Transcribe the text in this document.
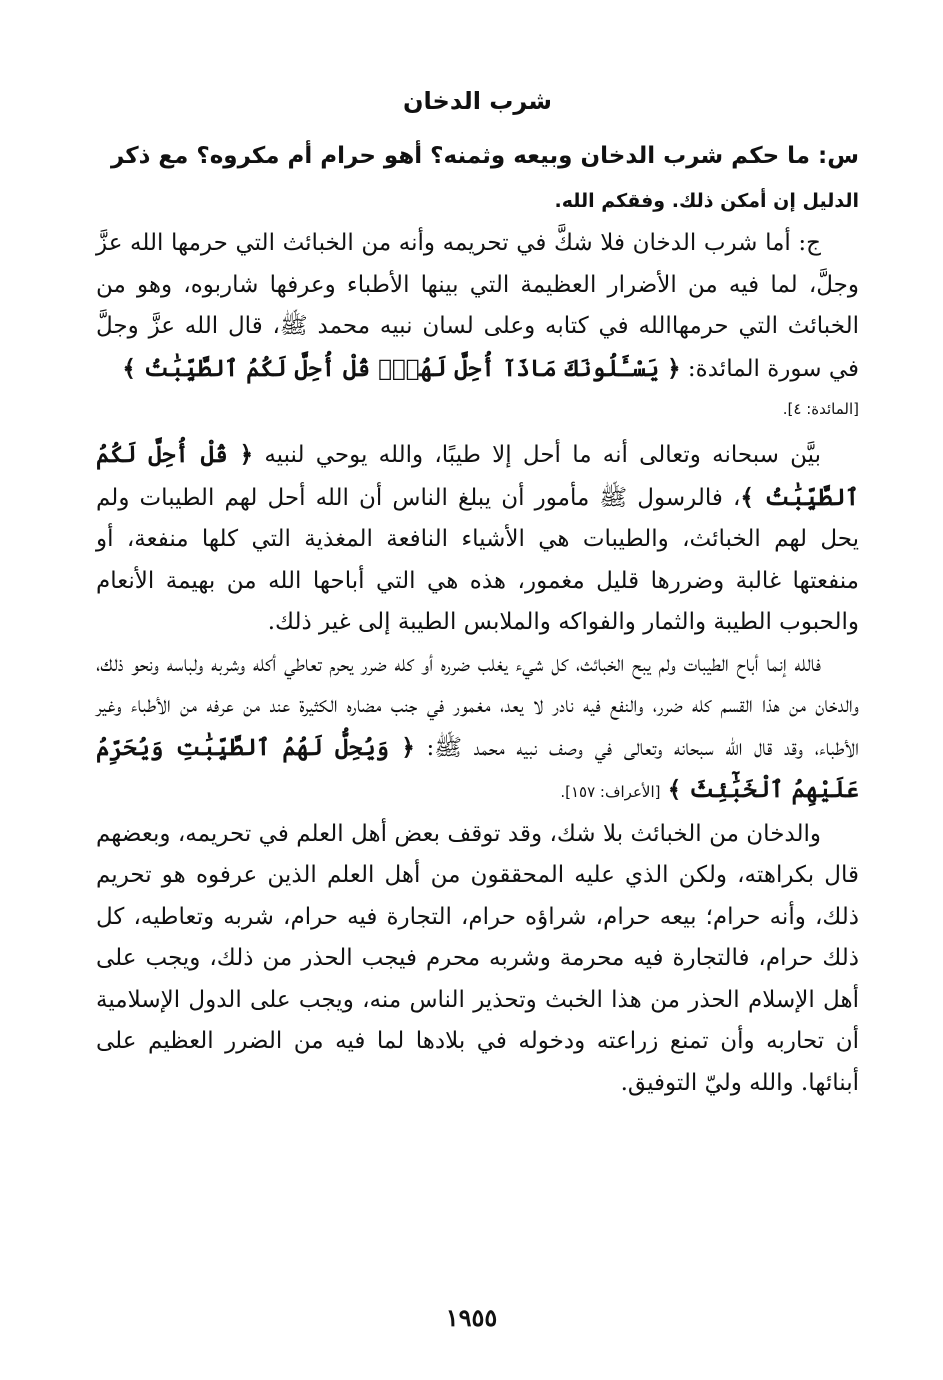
شرب الدخان
س: ما حكم شرب الدخان وبيعه وثمنه؟ أهو حرام أم مكروه؟ مع ذكر
الدليل إن أمكن ذلك. وفقكم الله.

ج: أما شرب الدخان فلا شكَّ في تحريمه وأنه من الخبائث التي حرمها الله عزَّ وجلَّ، لما فيه من الأضرار العظيمة التي بينها الأطباء وعرفها شاربوه، وهو من الخبائث التي حرمهاالله في كتابه وعلى لسان نبيه محمد ﷺ، قال الله عزَّ وجلَّ في سورة المائدة: ﴿ يَسْـَٔلُونَكَ مَاذَآ أُحِلَّ لَهُمْۖ قُلْ أُحِلَّ لَكُمُ ٱلطَّيِّبَٰتُ ﴾

[المائدة: ٤].

بيَّن سبحانه وتعالى أنه ما أحل إلا طيبًا، والله يوحي لنبيه ﴿ قُلْ أُحِلَّ لَكُمُ ٱلطَّيِّبَٰتُ ﴾، فالرسول ﷺ مأمور أن يبلغ الناس أن الله أحل لهم الطيبات ولم يحل لهم الخبائث، والطيبات هي الأشياء النافعة المغذية التي كلها منفعة، أو منفعتها غالبة وضررها قليل مغمور، هذه هي التي أباحها الله من بهيمة الأنعام والحبوب الطيبة والثمار والفواكه والملابس الطيبة إلى غير ذلك.

فالله إنما أباح الطيبات ولم يبح الخبائث، كل شيء يغلب ضرره أو كله ضرر يحرم تعاطي أكله وشربه ولباسه ونحو ذلك، والدخان من هذا القسم كله ضرر، والنفع فيه نادر لا يعد، مغمور في جنب مضاره الكثيرة عند من عرفه من الأطباء وغير الأطباء، وقد قال الله سبحانه وتعالى في وصف نبيه محمد ﷺ: ﴿ وَيُحِلُّ لَهُمُ ٱلطَّيِّبَٰتِ وَيُحَرِّمُ عَلَيْهِمُ ٱلْخَبَٰٓئِثَ ﴾ [الأعراف: ١٥٧].

والدخان من الخبائث بلا شك، وقد توقف بعض أهل العلم في تحريمه، وبعضهم قال بكراهته، ولكن الذي عليه المحققون من أهل العلم الذين عرفوه هو تحريم ذلك، وأنه حرام؛ بيعه حرام، شراؤه حرام، التجارة فيه حرام، شربه وتعاطيه، كل ذلك حرام، فالتجارة فيه محرمة وشربه محرم فيجب الحذر من ذلك، ويجب على أهل الإسلام الحذر من هذا الخبث وتحذير الناس منه، ويجب على الدول الإسلامية أن تحاربه وأن تمنع زراعته ودخوله في بلادها لما فيه من الضرر العظيم على أبنائها. والله وليّ التوفيق.

١٩٥٥
